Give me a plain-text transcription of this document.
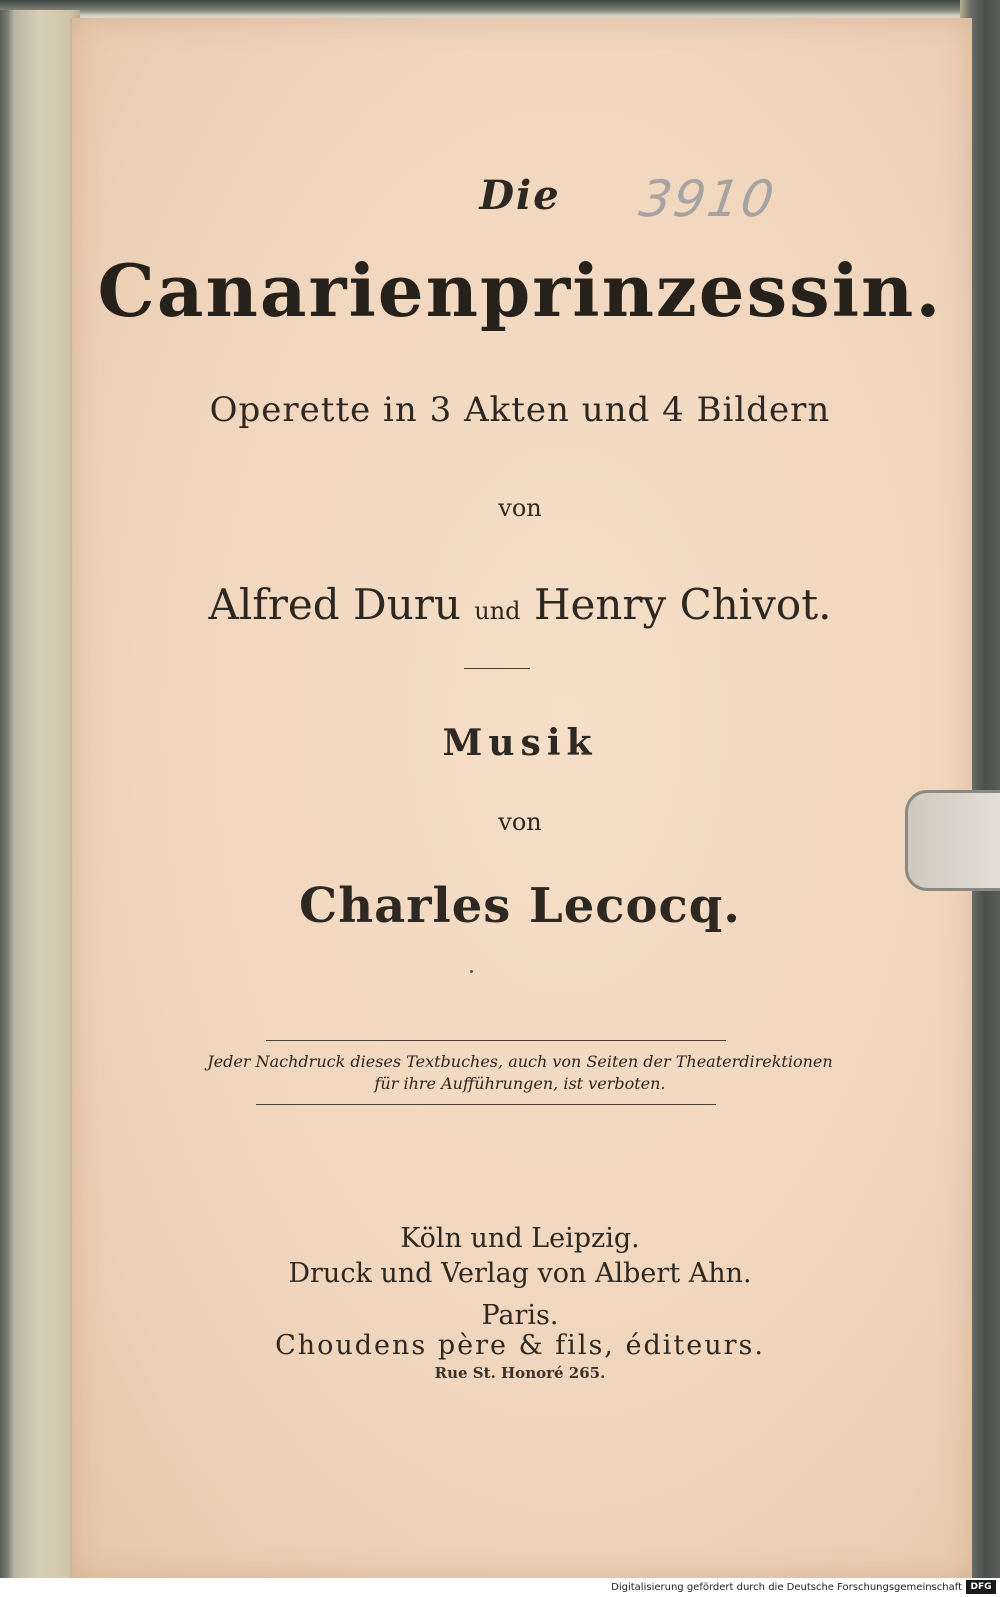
3910
Die
Canarienprinzessin.
Operette in 3 Akten und 4 Bildern
von
Alfred Duru und Henry Chivot.
Musik
von
Charles Lecocq.
Jeder Nachdruck dieses Textbuches, auch von Seiten der Theaterdirektionen
für ihre Aufführungen, ist verboten.
Köln und Leipzig.
Druck und Verlag von Albert Ahn.
Paris.
Choudens père & fils, éditeurs.
Rue St. Honoré 265.
Digitalisierung gefördert durch die Deutsche Forschungsgemeinschaft DFG
